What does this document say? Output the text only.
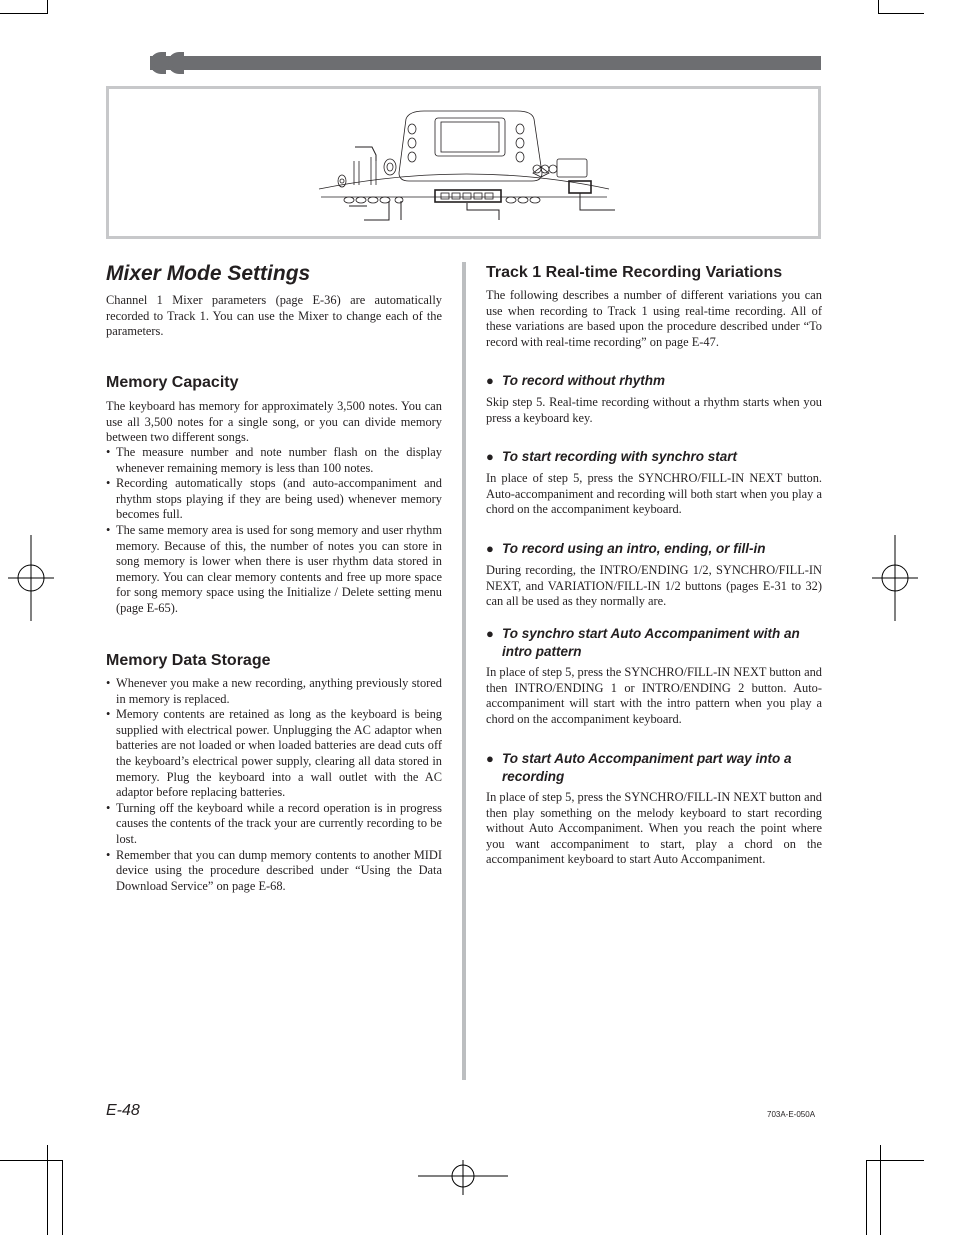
Mixer Mode Settings

Channel 1 Mixer parameters (page E-36) are automatically recorded to Track 1. You can use the Mixer to change each of the parameters.

Memory Capacity

The keyboard has memory for approximately 3,500 notes. You can use all 3,500 notes for a single song, or you can divide memory between two different songs.

• The measure number and note number flash on the display whenever remaining memory is less than 100 notes.
• Recording automatically stops (and auto-accompaniment and rhythm stops playing if they are being used) whenever memory becomes full.
• The same memory area is used for song memory and user rhythm memory. Because of this, the number of notes you can store in song memory is lower when there is user rhythm data stored in memory. You can clear memory contents and free up more space for song memory space using the Initialize / Delete setting menu (page E-65).
Memory Data Storage
• Whenever you make a new recording, anything previously stored in memory is replaced.
• Memory contents are retained as long as the keyboard is being supplied with electrical power. Unplugging the AC adaptor when batteries are not loaded or when loaded batteries are dead cuts off the keyboard’s electrical power supply, clearing all data stored in memory. Plug the keyboard into a wall outlet with the AC adaptor before replacing batteries.
• Turning off the keyboard while a record operation is in progress causes the contents of the track your are currently recording to be lost.
• Remember that you can dump memory contents to another MIDI device using the procedure described under “Using the Data Download Service” on page E-68.
Track 1 Real-time Recording Variations

The following describes a number of different variations you can use when recording to Track 1 using real-time recording. All of these variations are based upon the procedure described under “To record with real-time recording” on page E-47.

● To record without rhythm

Skip step 5. Real-time recording without a rhythm starts when you press a keyboard key.

● To start recording with synchro start

In place of step 5, press the SYNCHRO/FILL-IN NEXT button. Auto-accompaniment and recording will both start when you play a chord on the accompaniment keyboard.

● To record using an intro, ending, or fill-in

During recording, the INTRO/ENDING 1/2, SYNCHRO/FILL-IN NEXT, and VARIATION/FILL-IN 1/2 buttons (pages E-31 to 32) can all be used as they normally are.

● To synchro start Auto Accompaniment with an intro pattern

In place of step 5, press the SYNCHRO/FILL-IN NEXT button and then INTRO/ENDING 1 or INTRO/ENDING 2 button. Auto-accompaniment will start with the intro pattern when you play a chord on the accompaniment keyboard.

● To start Auto Accompaniment part way into a recording

In place of step 5, press the SYNCHRO/FILL-IN NEXT button and then play something on the melody keyboard to start recording without Auto Accompaniment. When you reach the point where you want accompaniment to start, play a chord on the accompaniment keyboard to start Auto Accompaniment.

E-48	703A-E-050A
